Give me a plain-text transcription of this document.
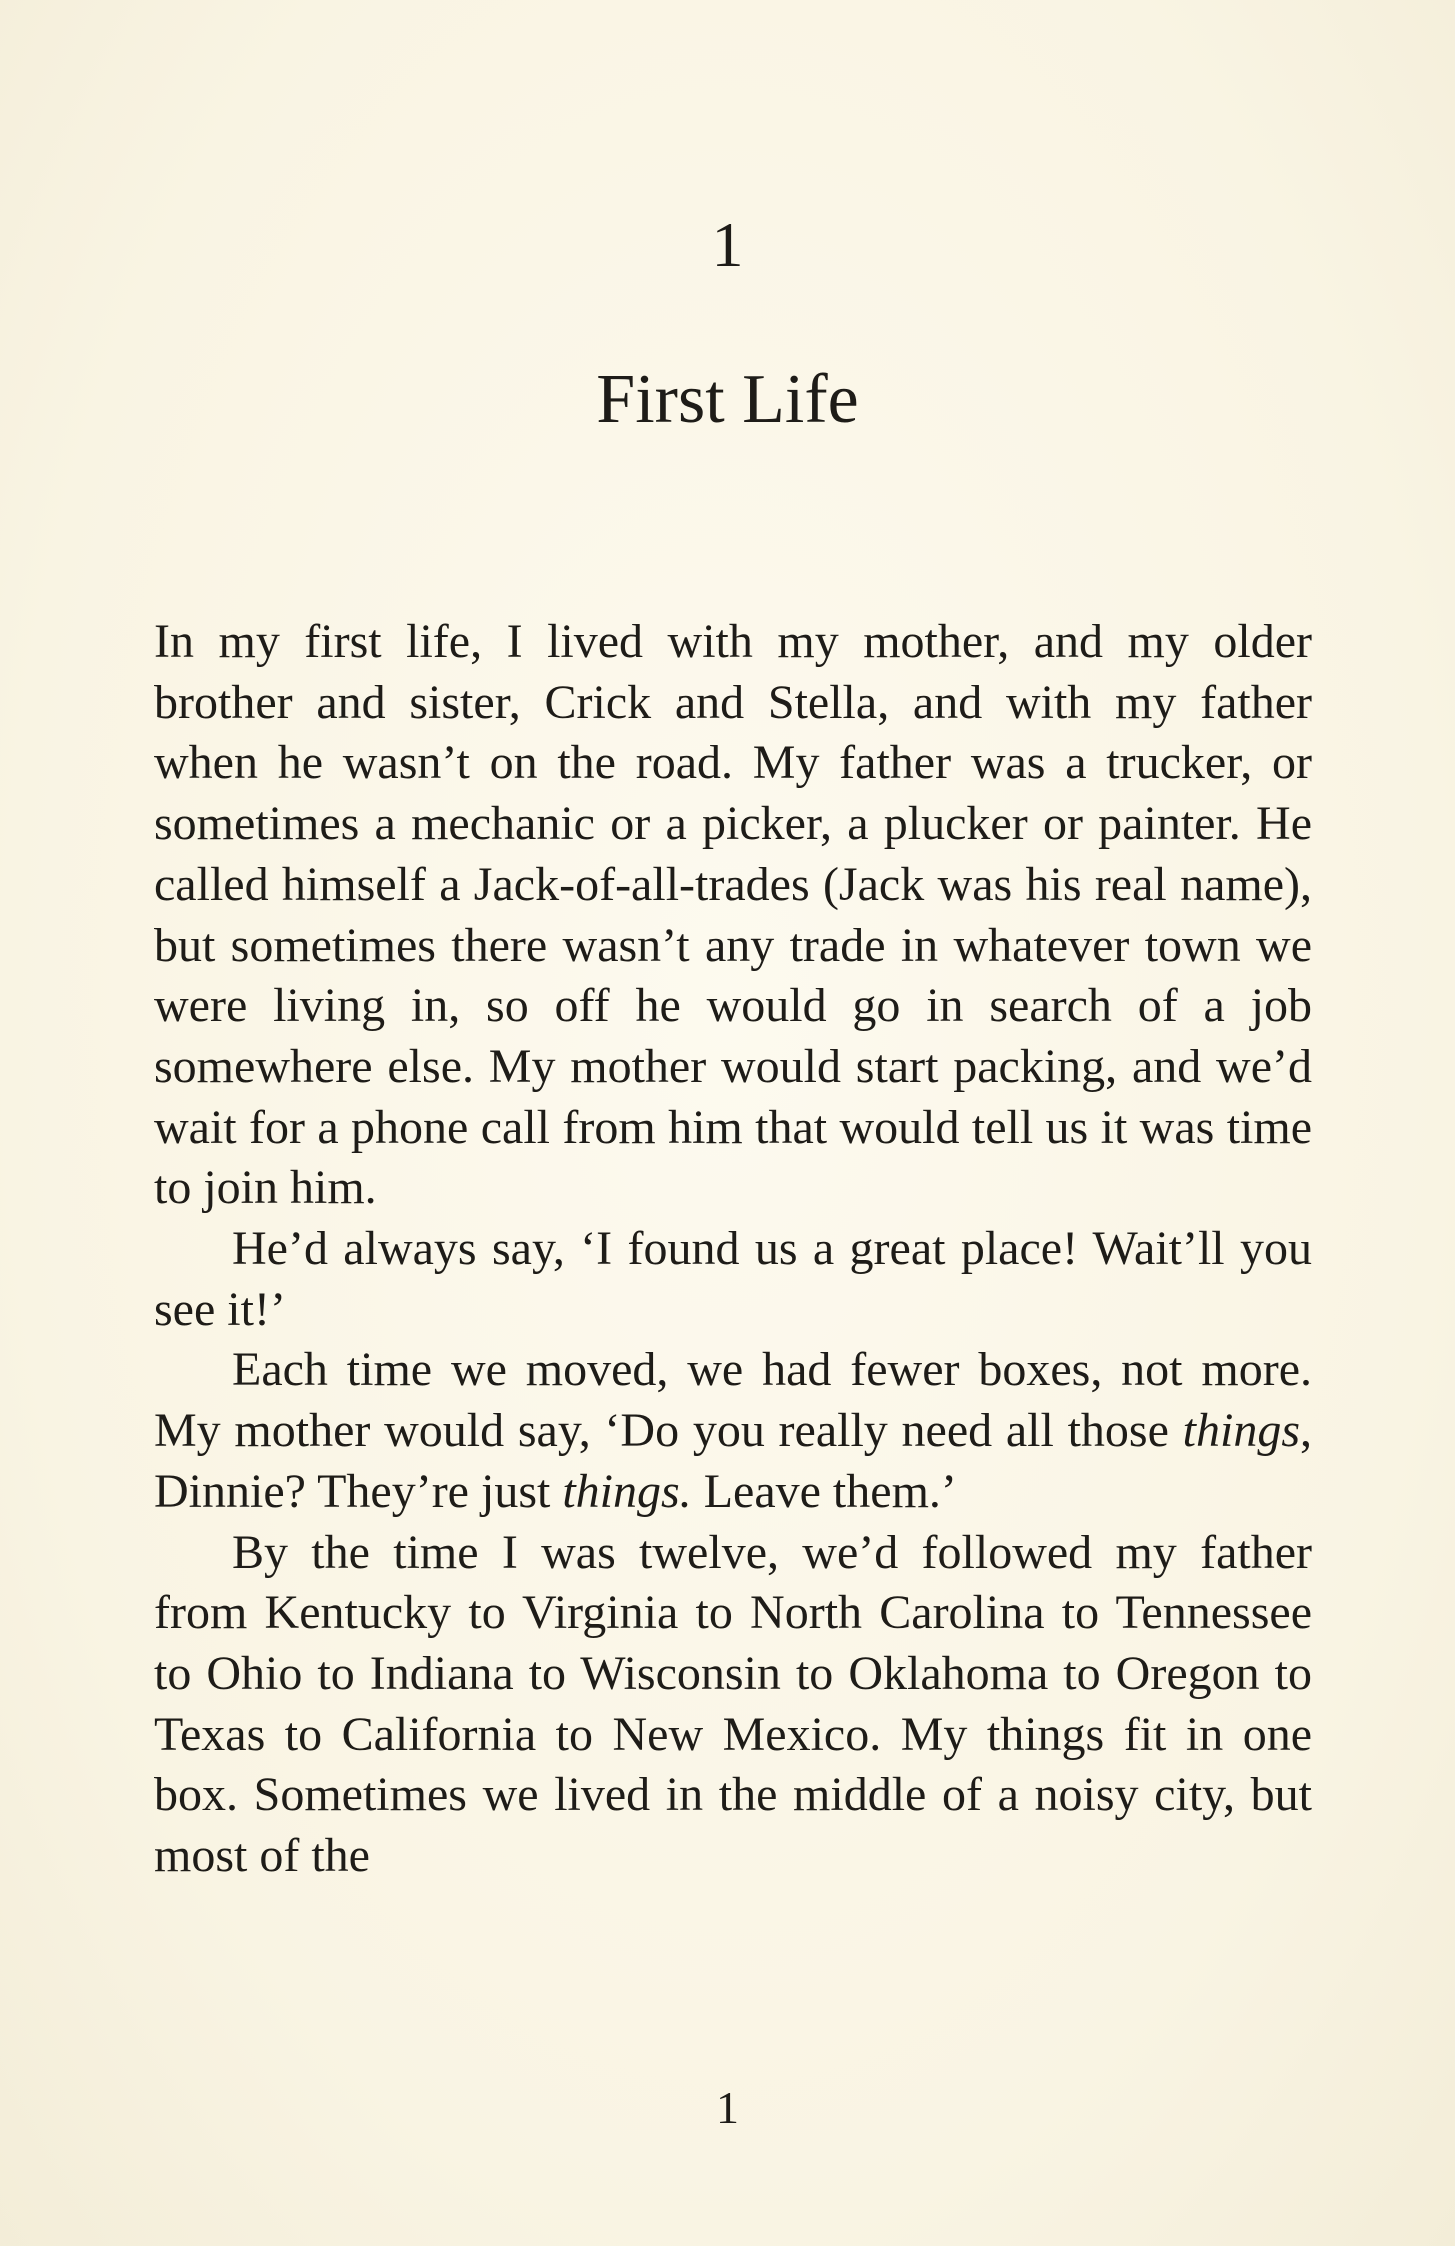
1
First Life

In my first life, I lived with my mother, and my older brother and sister, Crick and Stella, and with my father when he wasn’t on the road. My father was a trucker, or sometimes a mechanic or a picker, a plucker or painter. He called himself a Jack-of-all-trades (Jack was his real name), but sometimes there wasn’t any trade in whatever town we were living in, so off he would go in search of a job somewhere else. My mother would start packing, and we’d wait for a phone call from him that would tell us it was time to join him.

He’d always say, ‘I found us a great place! Wait’ll you see it!’

Each time we moved, we had fewer boxes, not more. My mother would say, ‘Do you really need all those things, Dinnie? They’re just things. Leave them.’

By the time I was twelve, we’d followed my father from Kentucky to Virginia to North Carolina to Tennessee to Ohio to Indiana to Wisconsin to Oklahoma to Oregon to Texas to California to New Mexico. My things fit in one box. Sometimes we lived in the middle of a noisy city, but most of the

1
